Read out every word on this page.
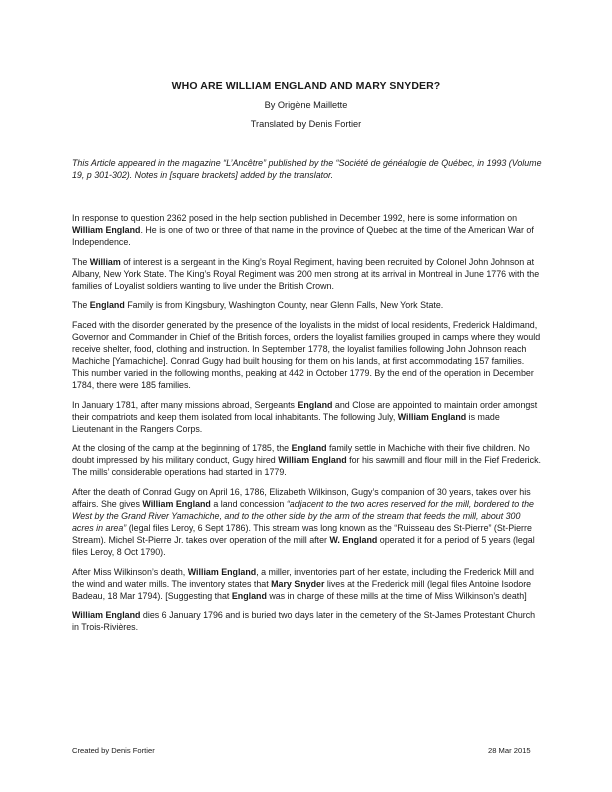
WHO ARE WILLIAM ENGLAND AND MARY SNYDER?
By Origène Maillette
Translated by Denis Fortier
This Article appeared in the magazine “L’Ancêtre” published by the “Société de généalogie de Québec, in 1993 (Volume 19, p 301-302). Notes in [square brackets] added by the translator.

In response to question 2362 posed in the help section published in December 1992, here is some information on William England. He is one of two or three of that name in the province of Quebec at the time of the American War of Independence.

The William of interest is a sergeant in the King’s Royal Regiment, having been recruited by Colonel John Johnson at Albany, New York State. The King’s Royal Regiment was 200 men strong at its arrival in Montreal in June 1776 with the families of Loyalist soldiers wanting to live under the British Crown.

The England Family is from Kingsbury, Washington County, near Glenn Falls, New York State.

Faced with the disorder generated by the presence of the loyalists in the midst of local residents, Frederick Haldimand, Governor and Commander in Chief of the British forces, orders the loyalist families grouped in camps where they would receive shelter, food, clothing and instruction. In September 1778, the loyalist families following John Johnson reach Machiche [Yamachiche]. Conrad Gugy had built housing for them on his lands, at first accommodating 157 families. This number varied in the following months, peaking at 442 in October 1779. By the end of the operation in December 1784, there were 185 families.

In January 1781, after many missions abroad, Sergeants England and Close are appointed to maintain order amongst their compatriots and keep them isolated from local inhabitants. The following July, William England is made Lieutenant in the Rangers Corps.

At the closing of the camp at the beginning of 1785, the England family settle in Machiche with their five children. No doubt impressed by his military conduct, Gugy hired William England for his sawmill and flour mill in the Fief Frederick. The mills’ considerable operations had started in 1779.

After the death of Conrad Gugy on April 16, 1786, Elizabeth Wilkinson, Gugy’s companion of 30 years, takes over his affairs. She gives William England a land concession “adjacent to the two acres reserved for the mill, bordered to the West by the Grand River Yamachiche, and to the other side by the arm of the stream that feeds the mill, about 300 acres in area” (legal files Leroy, 6 Sept 1786). This stream was long known as the “Ruisseau des St-Pierre” (St-Pierre Stream). Michel St-Pierre Jr. takes over operation of the mill after W. England operated it for a period of 5 years (legal files Leroy, 8 Oct 1790).

After Miss Wilkinson’s death, William England, a miller, inventories part of her estate, including the Frederick Mill and the wind and water mills. The inventory states that Mary Snyder lives at the Frederick mill (legal files Antoine Isodore Badeau, 18 Mar 1794). [Suggesting that England was in charge of these mills at the time of Miss Wilkinson’s death]

William England dies 6 January 1796 and is buried two days later in the cemetery of the St-James Protestant Church in Trois-Rivières.

Created by Denis Fortier	28 Mar 2015
